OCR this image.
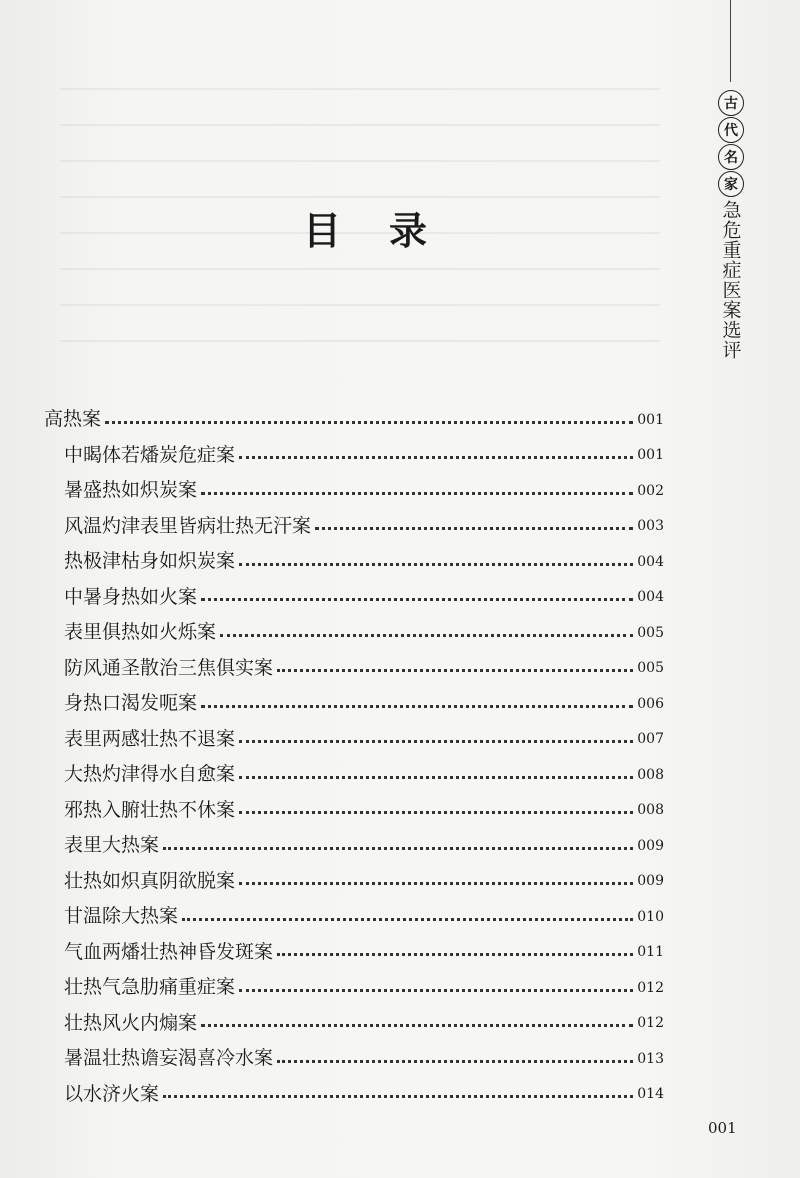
古
代
名
家
急危重症医案选评
目录
高热案	001
中暍体若燔炭危症案	001
暑盛热如炽炭案	002
风温灼津表里皆病壮热无汗案	003
热极津枯身如炽炭案	004
中暑身热如火案	004
表里俱热如火烁案	005
防风通圣散治三焦俱实案	005
身热口渴发呃案	006
表里两感壮热不退案	007
大热灼津得水自愈案	008
邪热入腑壮热不休案	008
表里大热案	009
壮热如炽真阴欲脱案	009
甘温除大热案	010
气血两燔壮热神昏发斑案	011
壮热气急肋痛重症案	012
壮热风火内煽案	012
暑温壮热谵妄渴喜冷水案	013
以水济火案	014
001
